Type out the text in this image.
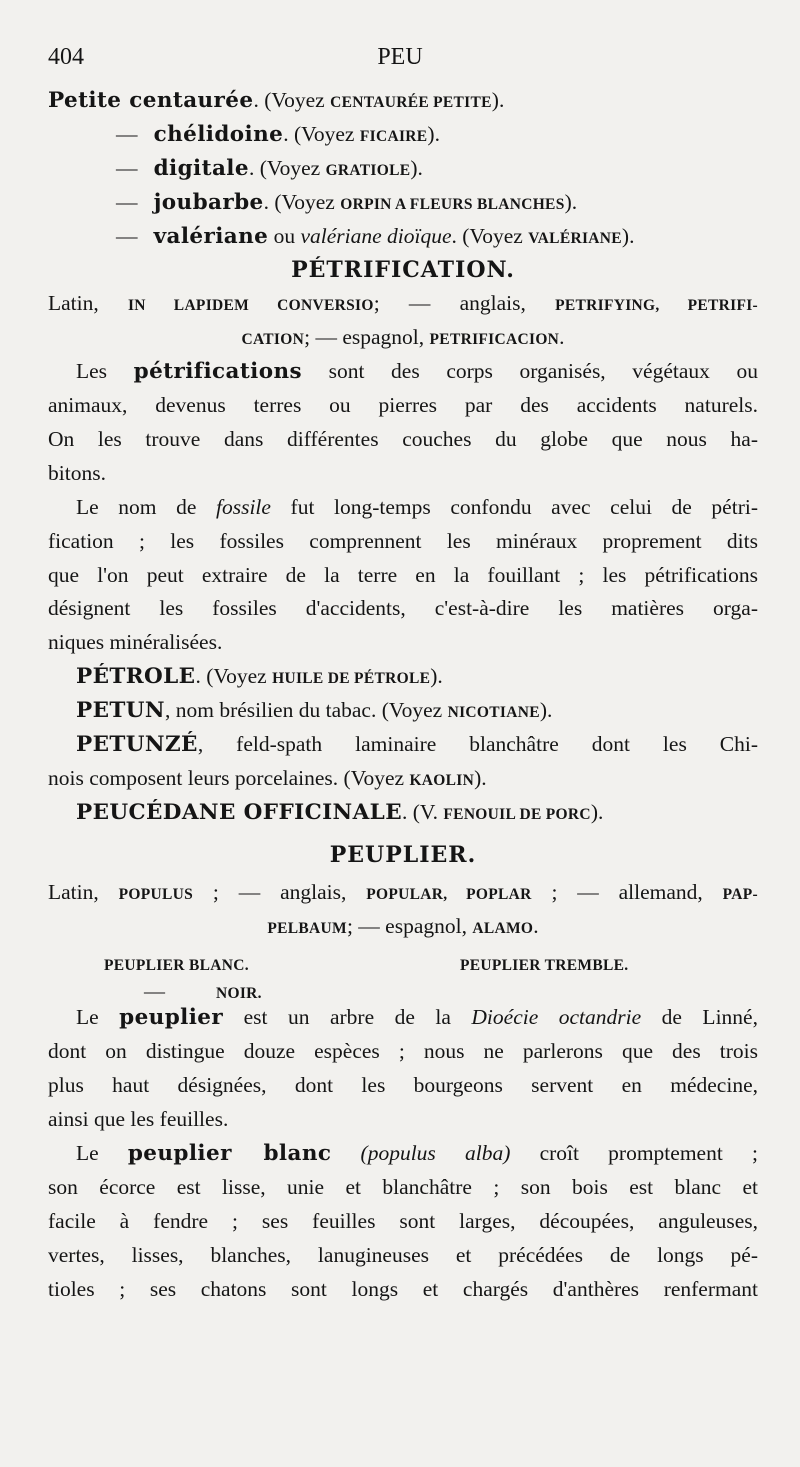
404	PEU
Petite centaurée. (Voyez CENTAURÉE PETITE).
— chélidoine. (Voyez FICAIRE).
— digitale. (Voyez GRATIOLE).
— joubarbe. (Voyez ORPIN A FLEURS BLANCHES).
— valériane ou valériane dioïque. (Voyez VALÉRIANE).
PÉTRIFICATION.
Latin, IN LAPIDEM CONVERSIO; — anglais, PETRIFYING, PETRIFI-
CATION; — espagnol, PETRIFICACION.
Les pétrifications sont des corps organisés, végétaux ou
animaux, devenus terres ou pierres par des accidents naturels.
On les trouve dans différentes couches du globe que nous ha-
bitons.
Le nom de fossile fut long-temps confondu avec celui de pétri-
fication ; les fossiles comprennent les minéraux proprement dits
que l'on peut extraire de la terre en la fouillant ; les pétrifications
désignent les fossiles d'accidents, c'est-à-dire les matières orga-
niques minéralisées.
PÉTROLE. (Voyez HUILE DE PÉTROLE).
PETUN, nom brésilien du tabac. (Voyez NICOTIANE).
PETUNZÉ, feld-spath laminaire blanchâtre dont les Chi-
nois composent leurs porcelaines. (Voyez KAOLIN).
PEUCÉDANE OFFICINALE. (V. FENOUIL DE PORC).
PEUPLIER.
Latin, POPULUS ; — anglais, POPULAR, POPLAR ; — allemand, PAP-
PELBAUM; — espagnol, ALAMO.
PEUPLIER BLANC.	PEUPLIER TREMBLE.
—	NOIR.
Le peuplier est un arbre de la Dioécie octandrie de Linné,
dont on distingue douze espèces ; nous ne parlerons que des trois
plus haut désignées, dont les bourgeons servent en médecine,
ainsi que les feuilles.
Le peuplier blanc (populus alba) croît promptement ;
son écorce est lisse, unie et blanchâtre ; son bois est blanc et
facile à fendre ; ses feuilles sont larges, découpées, anguleuses,
vertes, lisses, blanches, lanugineuses et précédées de longs pé-
tioles ; ses chatons sont longs et chargés d'anthères renfermant
